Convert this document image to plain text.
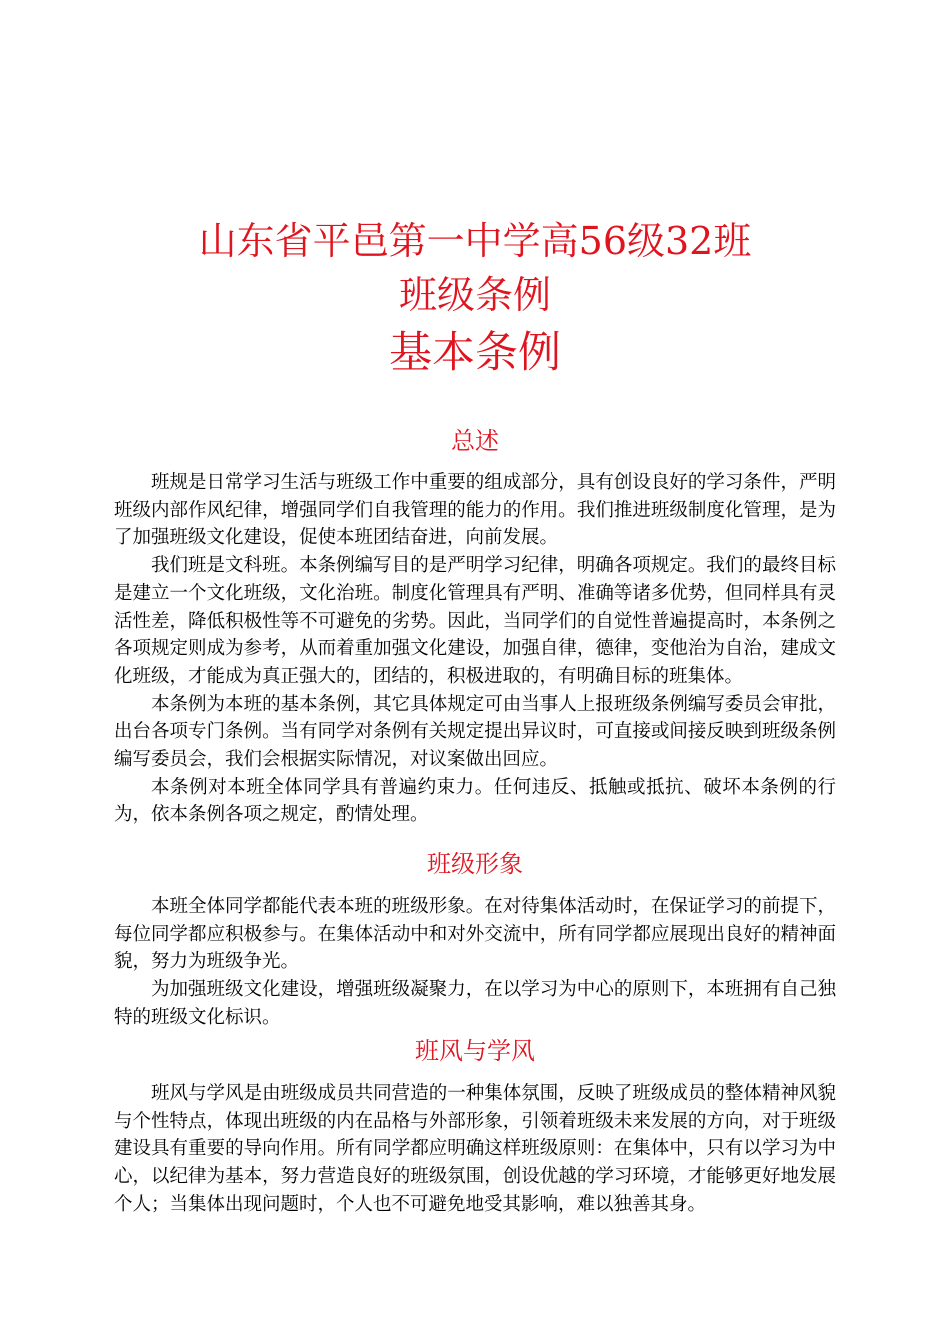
山东省平邑第一中学高56级32班
班级条例
基本条例
总述

班规是日常学习生活与班级工作中重要的组成部分，具有创设良好的学习条件，严明班级内部作风纪律，增强同学们自我管理的能力的作用。我们推进班级制度化管理，是为了加强班级文化建设，促使本班团结奋进，向前发展。

我们班是文科班。本条例编写目的是严明学习纪律，明确各项规定。我们的最终目标是建立一个文化班级，文化治班。制度化管理具有严明、准确等诸多优势，但同样具有灵活性差，降低积极性等不可避免的劣势。因此，当同学们的自觉性普遍提高时，本条例之各项规定则成为参考，从而着重加强文化建设，加强自律，德律，变他治为自治，建成文化班级，才能成为真正强大的，团结的，积极进取的，有明确目标的班集体。

本条例为本班的基本条例，其它具体规定可由当事人上报班级条例编写委员会审批，出台各项专门条例。当有同学对条例有关规定提出异议时，可直接或间接反映到班级条例编写委员会，我们会根据实际情况，对议案做出回应。

本条例对本班全体同学具有普遍约束力。任何违反、抵触或抵抗、破坏本条例的行为，依本条例各项之规定，酌情处理。

班级形象

本班全体同学都能代表本班的班级形象。在对待集体活动时，在保证学习的前提下，每位同学都应积极参与。在集体活动中和对外交流中，所有同学都应展现出良好的精神面貌，努力为班级争光。

为加强班级文化建设，增强班级凝聚力，在以学习为中心的原则下，本班拥有自己独特的班级文化标识。

班风与学风

班风与学风是由班级成员共同营造的一种集体氛围，反映了班级成员的整体精神风貌与个性特点，体现出班级的内在品格与外部形象，引领着班级未来发展的方向，对于班级建设具有重要的导向作用。所有同学都应明确这样班级原则：在集体中，只有以学习为中心，以纪律为基本，努力营造良好的班级氛围，创设优越的学习环境，才能够更好地发展个人；当集体出现问题时，个人也不可避免地受其影响，难以独善其身。
